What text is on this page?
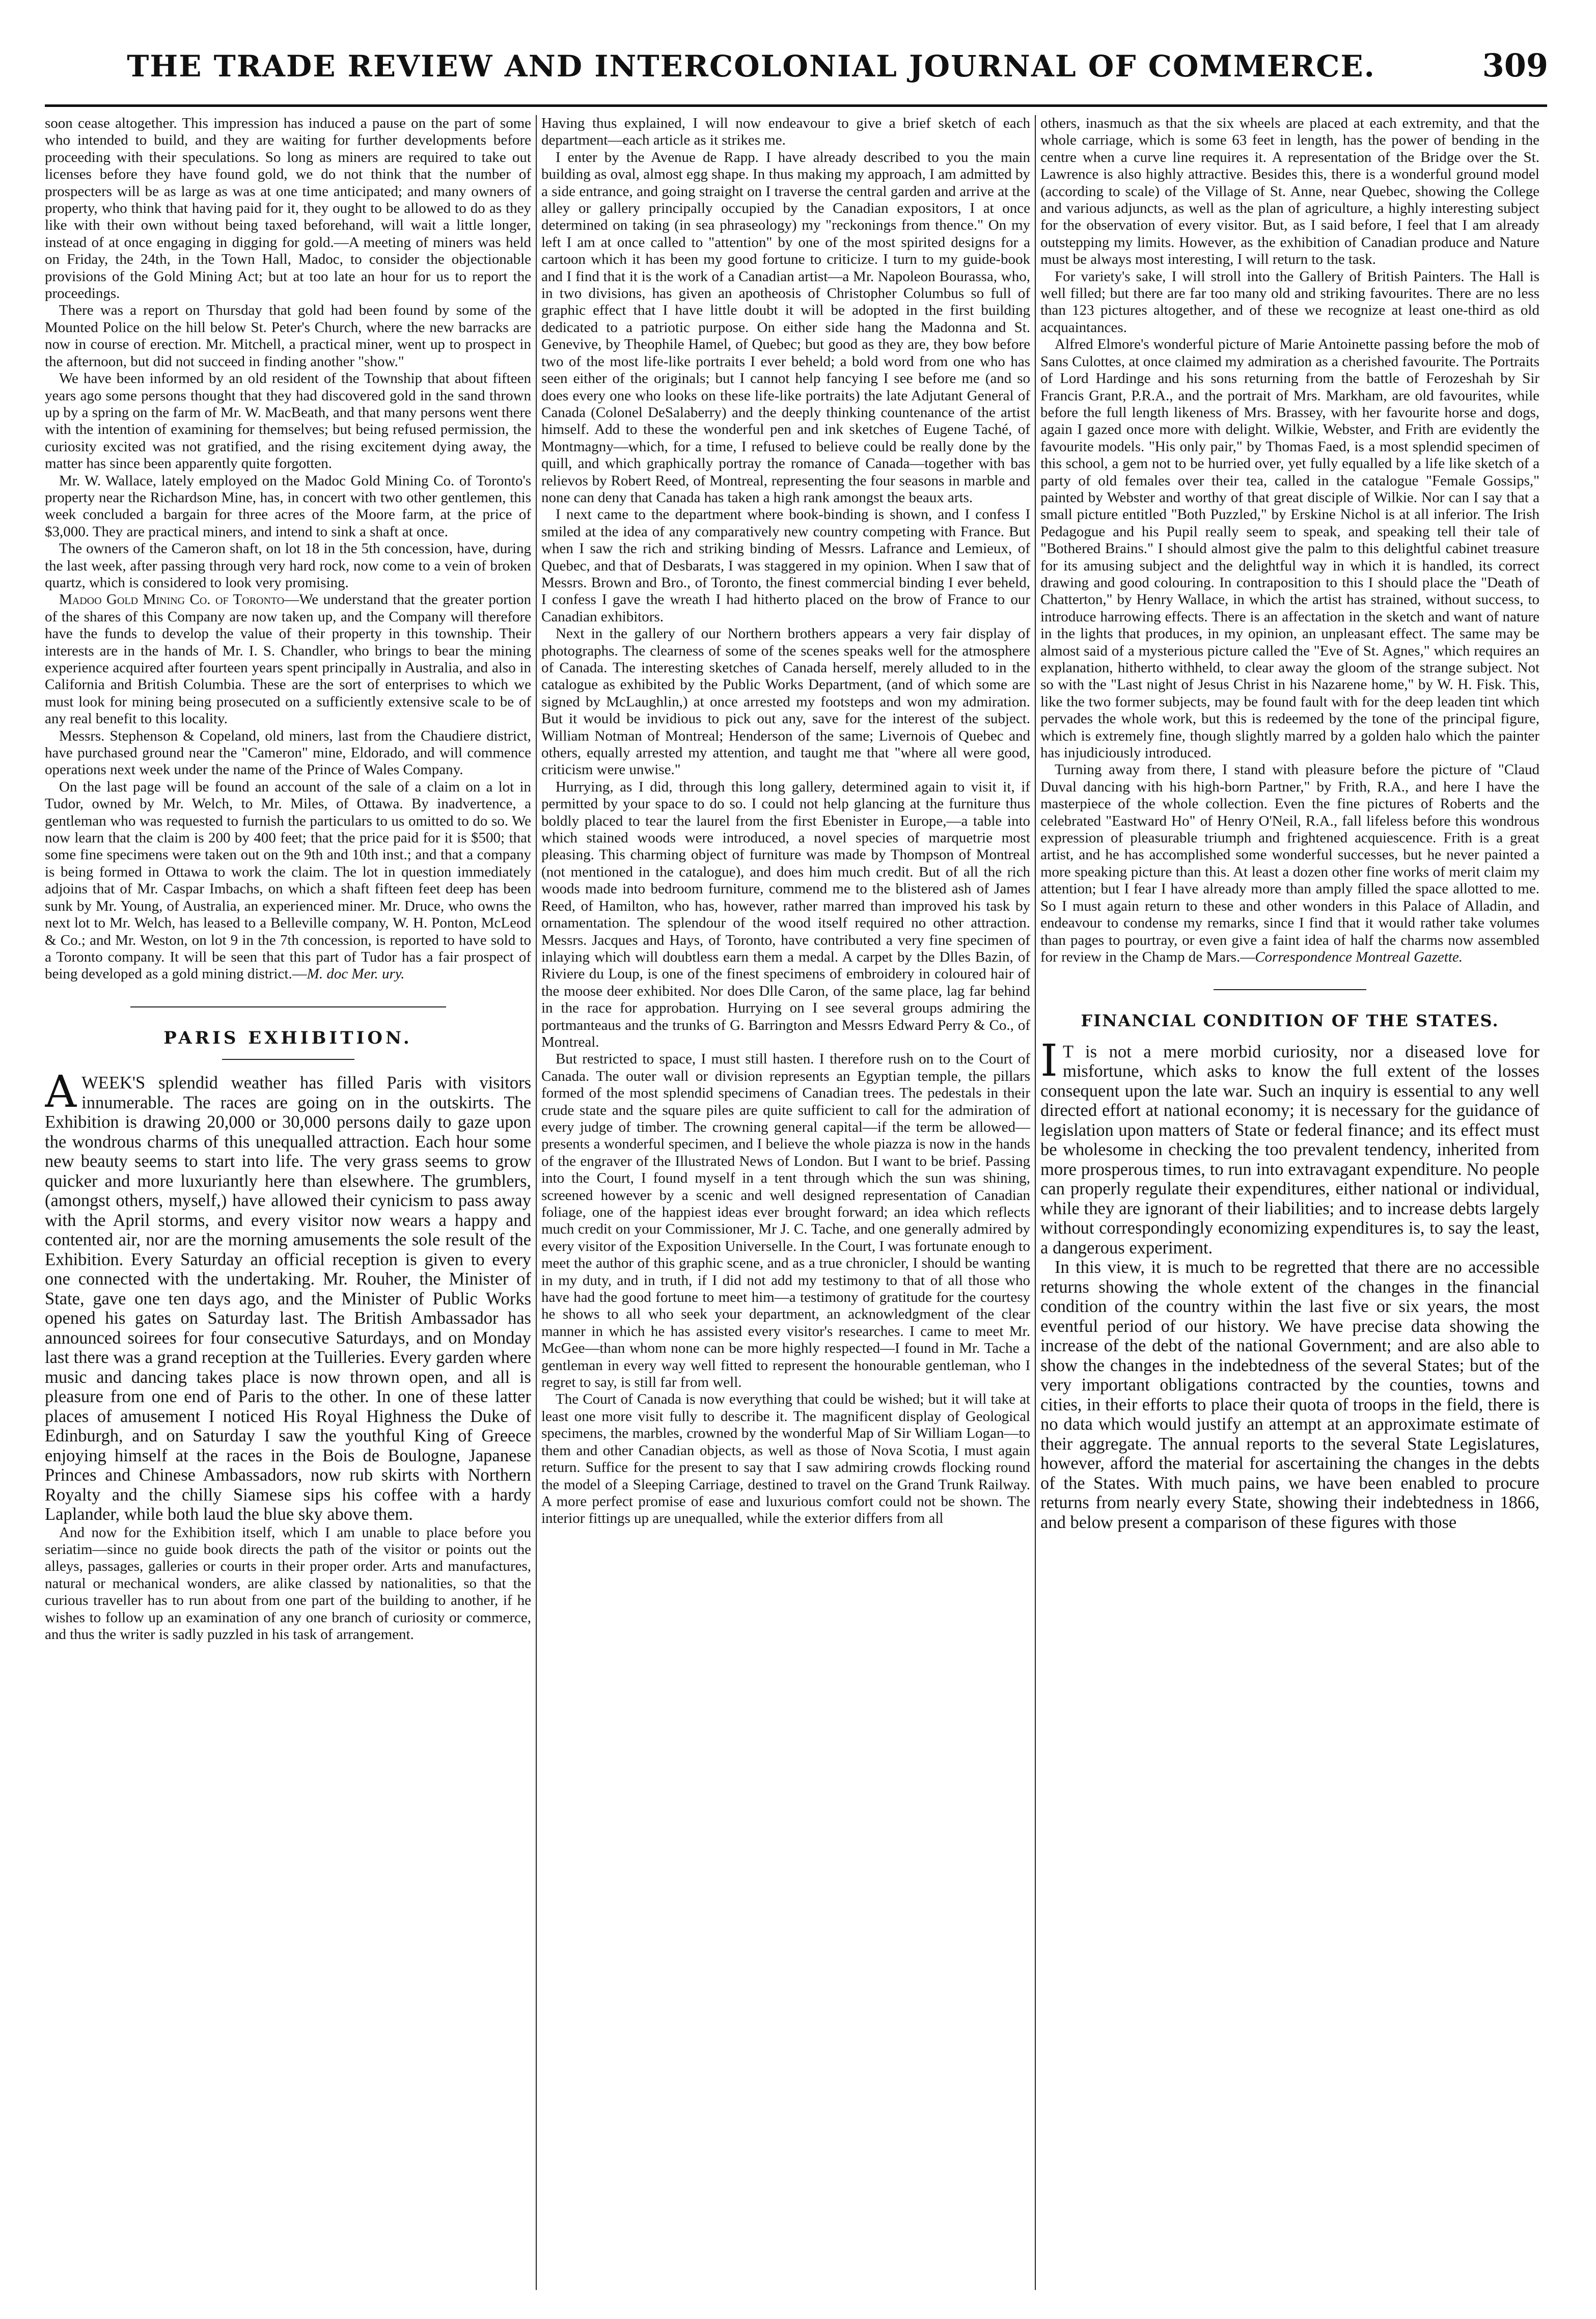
THE TRADE REVIEW AND INTERCOLONIAL JOURNAL OF COMMERCE.	309

soon cease altogether. This impression has induced a pause on the part of some who intended to build, and they are waiting for further developments before proceeding with their speculations. So long as miners are required to take out licenses before they have found gold, we do not think that the number of prospecters will be as large as was at one time anticipated; and many owners of property, who think that having paid for it, they ought to be allowed to do as they like with their own without being taxed beforehand, will wait a little longer, instead of at once engaging in digging for gold.—A meeting of miners was held on Friday, the 24th, in the Town Hall, Madoc, to consider the objectionable provisions of the Gold Mining Act; but at too late an hour for us to report the proceedings.

There was a report on Thursday that gold had been found by some of the Mounted Police on the hill below St. Peter's Church, where the new barracks are now in course of erection. Mr. Mitchell, a practical miner, went up to prospect in the afternoon, but did not succeed in finding another "show."

We have been informed by an old resident of the Township that about fifteen years ago some persons thought that they had discovered gold in the sand thrown up by a spring on the farm of Mr. W. MacBeath, and that many persons went there with the intention of examining for themselves; but being refused permission, the curiosity excited was not gratified, and the rising excitement dying away, the matter has since been apparently quite forgotten.

Mr. W. Wallace, lately employed on the Madoc Gold Mining Co. of Toronto's property near the Richardson Mine, has, in concert with two other gentlemen, this week concluded a bargain for three acres of the Moore farm, at the price of $3,000. They are practical miners, and intend to sink a shaft at once.

The owners of the Cameron shaft, on lot 18 in the 5th concession, have, during the last week, after passing through very hard rock, now come to a vein of broken quartz, which is considered to look very promising.

Madoo Gold Mining Co. of Toronto—We understand that the greater portion of the shares of this Company are now taken up, and the Company will therefore have the funds to develop the value of their property in this township. Their interests are in the hands of Mr. I. S. Chandler, who brings to bear the mining experience acquired after fourteen years spent principally in Australia, and also in California and British Columbia. These are the sort of enterprises to which we must look for mining being prosecuted on a sufficiently extensive scale to be of any real benefit to this locality.

Messrs. Stephenson & Copeland, old miners, last from the Chaudiere district, have purchased ground near the "Cameron" mine, Eldorado, and will commence operations next week under the name of the Prince of Wales Company.

On the last page will be found an account of the sale of a claim on a lot in Tudor, owned by Mr. Welch, to Mr. Miles, of Ottawa. By inadvertence, a gentleman who was requested to furnish the particulars to us omitted to do so. We now learn that the claim is 200 by 400 feet; that the price paid for it is $500; that some fine specimens were taken out on the 9th and 10th inst.; and that a company is being formed in Ottawa to work the claim. The lot in question immediately adjoins that of Mr. Caspar Imbachs, on which a shaft fifteen feet deep has been sunk by Mr. Young, of Australia, an experienced miner. Mr. Druce, who owns the next lot to Mr. Welch, has leased to a Belleville company, W. H. Ponton, McLeod & Co.; and Mr. Weston, on lot 9 in the 7th concession, is reported to have sold to a Toronto company. It will be seen that this part of Tudor has a fair prospect of being developed as a gold mining district.—M. doc Mer. ury.

PARIS EXHIBITION.

AWEEK'S splendid weather has filled Paris with visitors innumerable. The races are going on in the outskirts. The Exhibition is drawing 20,000 or 30,000 persons daily to gaze upon the wondrous charms of this unequalled attraction. Each hour some new beauty seems to start into life. The very grass seems to grow quicker and more luxuriantly here than elsewhere. The grumblers, (amongst others, myself,) have allowed their cynicism to pass away with the April storms, and every visitor now wears a happy and contented air, nor are the morning amusements the sole result of the Exhibition. Every Saturday an official reception is given to every one connected with the undertaking. Mr. Rouher, the Minister of State, gave one ten days ago, and the Minister of Public Works opened his gates on Saturday last. The British Ambassador has announced soirees for four consecutive Saturdays, and on Monday last there was a grand reception at the Tuilleries. Every garden where music and dancing takes place is now thrown open, and all is pleasure from one end of Paris to the other. In one of these latter places of amusement I noticed His Royal Highness the Duke of Edinburgh, and on Saturday I saw the youthful King of Greece enjoying himself at the races in the Bois de Boulogne, Japanese Princes and Chinese Ambassadors, now rub skirts with Northern Royalty and the chilly Siamese sips his coffee with a hardy Laplander, while both laud the blue sky above them.

And now for the Exhibition itself, which I am unable to place before you seriatim—since no guide book directs the path of the visitor or points out the alleys, passages, galleries or courts in their proper order. Arts and manufactures, natural or mechanical wonders, are alike classed by nationalities, so that the curious traveller has to run about from one part of the building to another, if he wishes to follow up an examination of any one branch of curiosity or commerce, and thus the writer is sadly puzzled in his task of arrangement.

Having thus explained, I will now endeavour to give a brief sketch of each department—each article as it strikes me.

I enter by the Avenue de Rapp. I have already described to you the main building as oval, almost egg shape. In thus making my approach, I am admitted by a side entrance, and going straight on I traverse the central garden and arrive at the alley or gallery principally occupied by the Canadian expositors, I at once determined on taking (in sea phraseology) my "reckonings from thence." On my left I am at once called to "attention" by one of the most spirited designs for a cartoon which it has been my good fortune to criticize. I turn to my guide-book and I find that it is the work of a Canadian artist—a Mr. Napoleon Bourassa, who, in two divisions, has given an apotheosis of Christopher Columbus so full of graphic effect that I have little doubt it will be adopted in the first building dedicated to a patriotic purpose. On either side hang the Madonna and St. Genevive, by Theophile Hamel, of Quebec; but good as they are, they bow before two of the most life-like portraits I ever beheld; a bold word from one who has seen either of the originals; but I cannot help fancying I see before me (and so does every one who looks on these life-like portraits) the late Adjutant General of Canada (Colonel DeSalaberry) and the deeply thinking countenance of the artist himself. Add to these the wonderful pen and ink sketches of Eugene Taché, of Montmagny—which, for a time, I refused to believe could be really done by the quill, and which graphically portray the romance of Canada—together with bas relievos by Robert Reed, of Montreal, representing the four seasons in marble and none can deny that Canada has taken a high rank amongst the beaux arts.

I next came to the department where book-binding is shown, and I confess I smiled at the idea of any comparatively new country competing with France. But when I saw the rich and striking binding of Messrs. Lafrance and Lemieux, of Quebec, and that of Desbarats, I was staggered in my opinion. When I saw that of Messrs. Brown and Bro., of Toronto, the finest commercial binding I ever beheld, I confess I gave the wreath I had hitherto placed on the brow of France to our Canadian exhibitors.

Next in the gallery of our Northern brothers appears a very fair display of photographs. The clearness of some of the scenes speaks well for the atmosphere of Canada. The interesting sketches of Canada herself, merely alluded to in the catalogue as exhibited by the Public Works Department, (and of which some are signed by McLaughlin,) at once arrested my footsteps and won my admiration. But it would be invidious to pick out any, save for the interest of the subject. William Notman of Montreal; Henderson of the same; Livernois of Quebec and others, equally arrested my attention, and taught me that "where all were good, criticism were unwise."

Hurrying, as I did, through this long gallery, determined again to visit it, if permitted by your space to do so. I could not help glancing at the furniture thus boldly placed to tear the laurel from the first Ebenister in Europe,—a table into which stained woods were introduced, a novel species of marquetrie most pleasing. This charming object of furniture was made by Thompson of Montreal (not mentioned in the catalogue), and does him much credit. But of all the rich woods made into bedroom furniture, commend me to the blistered ash of James Reed, of Hamilton, who has, however, rather marred than improved his task by ornamentation. The splendour of the wood itself required no other attraction. Messrs. Jacques and Hays, of Toronto, have contributed a very fine specimen of inlaying which will doubtless earn them a medal. A carpet by the Dlles Bazin, of Riviere du Loup, is one of the finest specimens of embroidery in coloured hair of the moose deer exhibited. Nor does Dlle Caron, of the same place, lag far behind in the race for approbation. Hurrying on I see several groups admiring the portmanteaus and the trunks of G. Barrington and Messrs Edward Perry & Co., of Montreal.

But restricted to space, I must still hasten. I therefore rush on to the Court of Canada. The outer wall or division represents an Egyptian temple, the pillars formed of the most splendid specimens of Canadian trees. The pedestals in their crude state and the square piles are quite sufficient to call for the admiration of every judge of timber. The crowning general capital—if the term be allowed—presents a wonderful specimen, and I believe the whole piazza is now in the hands of the engraver of the Illustrated News of London. But I want to be brief. Passing into the Court, I found myself in a tent through which the sun was shining, screened however by a scenic and well designed representation of Canadian foliage, one of the happiest ideas ever brought forward; an idea which reflects much credit on your Commissioner, Mr J. C. Tache, and one generally admired by every visitor of the Exposition Universelle. In the Court, I was fortunate enough to meet the author of this graphic scene, and as a true chronicler, I should be wanting in my duty, and in truth, if I did not add my testimony to that of all those who have had the good fortune to meet him—a testimony of gratitude for the courtesy he shows to all who seek your department, an acknowledgment of the clear manner in which he has assisted every visitor's researches. I came to meet Mr. McGee—than whom none can be more highly respected—I found in Mr. Tache a gentleman in every way well fitted to represent the honourable gentleman, who I regret to say, is still far from well.

The Court of Canada is now everything that could be wished; but it will take at least one more visit fully to describe it. The magnificent display of Geological specimens, the marbles, crowned by the wonderful Map of Sir William Logan—to them and other Canadian objects, as well as those of Nova Scotia, I must again return. Suffice for the present to say that I saw admiring crowds flocking round the model of a Sleeping Carriage, destined to travel on the Grand Trunk Railway. A more perfect promise of ease and luxurious comfort could not be shown. The interior fittings up are unequalled, while the exterior differs from all

others, inasmuch as that the six wheels are placed at each extremity, and that the whole carriage, which is some 63 feet in length, has the power of bending in the centre when a curve line requires it. A representation of the Bridge over the St. Lawrence is also highly attractive. Besides this, there is a wonderful ground model (according to scale) of the Village of St. Anne, near Quebec, showing the College and various adjuncts, as well as the plan of agriculture, a highly interesting subject for the observation of every visitor. But, as I said before, I feel that I am already outstepping my limits. However, as the exhibition of Canadian produce and Nature must be always most interesting, I will return to the task.

For variety's sake, I will stroll into the Gallery of British Painters. The Hall is well filled; but there are far too many old and striking favourites. There are no less than 123 pictures altogether, and of these we recognize at least one-third as old acquaintances.

Alfred Elmore's wonderful picture of Marie Antoinette passing before the mob of Sans Culottes, at once claimed my admiration as a cherished favourite. The Portraits of Lord Hardinge and his sons returning from the battle of Ferozeshah by Sir Francis Grant, P.R.A., and the portrait of Mrs. Markham, are old favourites, while before the full length likeness of Mrs. Brassey, with her favourite horse and dogs, again I gazed once more with delight. Wilkie, Webster, and Frith are evidently the favourite models. "His only pair," by Thomas Faed, is a most splendid specimen of this school, a gem not to be hurried over, yet fully equalled by a life like sketch of a party of old females over their tea, called in the catalogue "Female Gossips," painted by Webster and worthy of that great disciple of Wilkie. Nor can I say that a small picture entitled "Both Puzzled," by Erskine Nichol is at all inferior. The Irish Pedagogue and his Pupil really seem to speak, and speaking tell their tale of "Bothered Brains." I should almost give the palm to this delightful cabinet treasure for its amusing subject and the delightful way in which it is handled, its correct drawing and good colouring. In contraposition to this I should place the "Death of Chatterton," by Henry Wallace, in which the artist has strained, without success, to introduce harrowing effects. There is an affectation in the sketch and want of nature in the lights that produces, in my opinion, an unpleasant effect. The same may be almost said of a mysterious picture called the "Eve of St. Agnes," which requires an explanation, hitherto withheld, to clear away the gloom of the strange subject. Not so with the "Last night of Jesus Christ in his Nazarene home," by W. H. Fisk. This, like the two former subjects, may be found fault with for the deep leaden tint which pervades the whole work, but this is redeemed by the tone of the principal figure, which is extremely fine, though slightly marred by a golden halo which the painter has injudiciously introduced.

Turning away from there, I stand with pleasure before the picture of "Claud Duval dancing with his high-born Partner," by Frith, R.A., and here I have the masterpiece of the whole collection. Even the fine pictures of Roberts and the celebrated "Eastward Ho" of Henry O'Neil, R.A., fall lifeless before this wondrous expression of pleasurable triumph and frightened acquiescence. Frith is a great artist, and he has accomplished some wonderful successes, but he never painted a more speaking picture than this. At least a dozen other fine works of merit claim my attention; but I fear I have already more than amply filled the space allotted to me. So I must again return to these and other wonders in this Palace of Alladin, and endeavour to condense my remarks, since I find that it would rather take volumes than pages to pourtray, or even give a faint idea of half the charms now assembled for review in the Champ de Mars.—Correspondence Montreal Gazette.

FINANCIAL CONDITION OF THE STATES.

I T is not a mere morbid curiosity, nor a diseased love for misfortune, which asks to know the full extent of the losses consequent upon the late war. Such an inquiry is essential to any well directed effort at national economy; it is necessary for the guidance of legislation upon matters of State or federal finance; and its effect must be wholesome in checking the too prevalent tendency, inherited from more prosperous times, to run into extravagant expenditure. No people can properly regulate their expenditures, either national or individual, while they are ignorant of their liabilities; and to increase debts largely without correspondingly economizing expenditures is, to say the least, a dangerous experiment.

In this view, it is much to be regretted that there are no accessible returns showing the whole extent of the changes in the financial condition of the country within the last five or six years, the most eventful period of our history. We have precise data showing the increase of the debt of the national Government; and are also able to show the changes in the indebtedness of the several States; but of the very important obligations contracted by the counties, towns and cities, in their efforts to place their quota of troops in the field, there is no data which would justify an attempt at an approximate estimate of their aggregate. The annual reports to the several State Legislatures, however, afford the material for ascertaining the changes in the debts of the States. With much pains, we have been enabled to procure returns from nearly every State, showing their indebtedness in 1866, and below present a comparison of these figures with those
